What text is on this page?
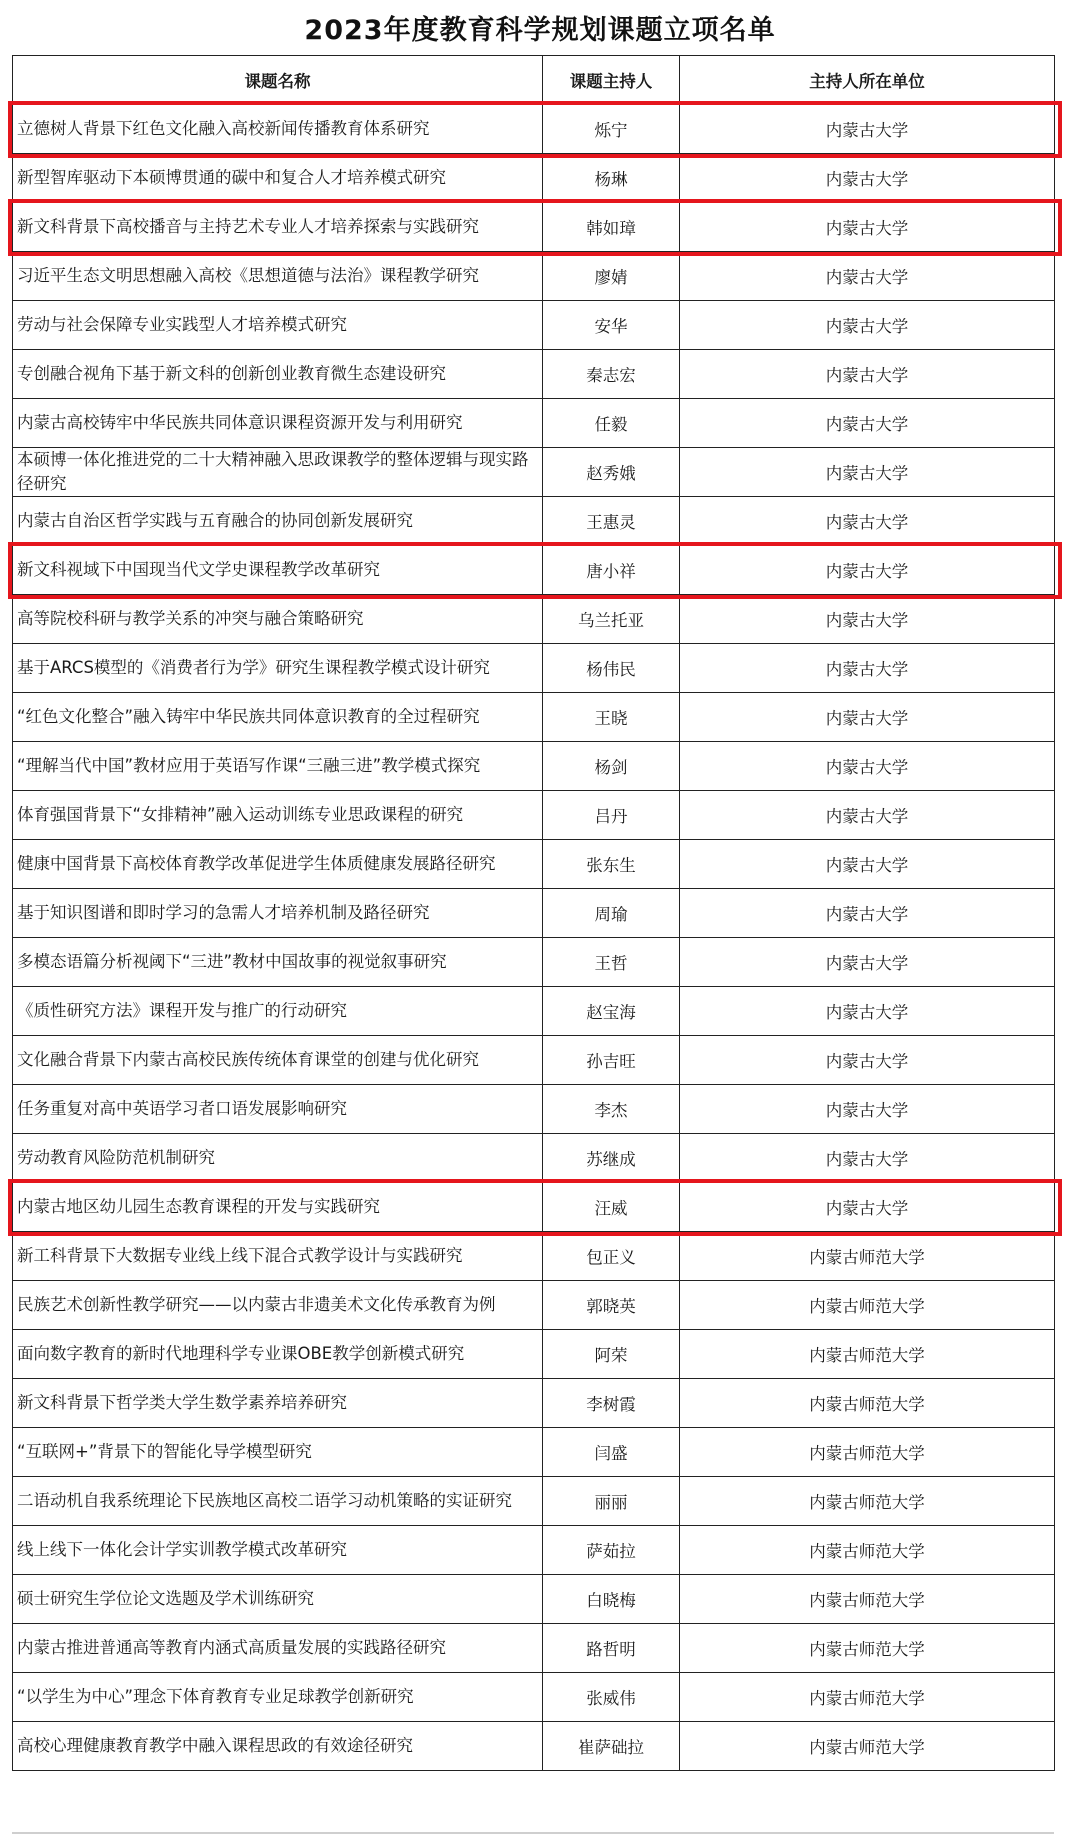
2023年度教育科学规划课题立项名单
课题名称	课题主持人	主持人所在单位
立德树人背景下红色文化融入高校新闻传播教育体系研究	烁宁	内蒙古大学
新型智库驱动下本硕博贯通的碳中和复合人才培养模式研究	杨琳	内蒙古大学
新文科背景下高校播音与主持艺术专业人才培养探索与实践研究	韩如璋	内蒙古大学
习近平生态文明思想融入高校《思想道德与法治》课程教学研究	廖婧	内蒙古大学
劳动与社会保障专业实践型人才培养模式研究	安华	内蒙古大学
专创融合视角下基于新文科的创新创业教育微生态建设研究	秦志宏	内蒙古大学
内蒙古高校铸牢中华民族共同体意识课程资源开发与利用研究	任毅	内蒙古大学
本硕博一体化推进党的二十大精神融入思政课教学的整体逻辑与现实路径研究	赵秀娥	内蒙古大学
内蒙古自治区哲学实践与五育融合的协同创新发展研究	王惠灵	内蒙古大学
新文科视域下中国现当代文学史课程教学改革研究	唐小祥	内蒙古大学
高等院校科研与教学关系的冲突与融合策略研究	乌兰托亚	内蒙古大学
基于ARCS模型的《消费者行为学》研究生课程教学模式设计研究	杨伟民	内蒙古大学
“红色文化整合”融入铸牢中华民族共同体意识教育的全过程研究	王晓	内蒙古大学
“理解当代中国”教材应用于英语写作课“三融三进”教学模式探究	杨剑	内蒙古大学
体育强国背景下“女排精神”融入运动训练专业思政课程的研究	吕丹	内蒙古大学
健康中国背景下高校体育教学改革促进学生体质健康发展路径研究	张东生	内蒙古大学
基于知识图谱和即时学习的急需人才培养机制及路径研究	周瑜	内蒙古大学
多模态语篇分析视阈下“三进”教材中国故事的视觉叙事研究	王哲	内蒙古大学
《质性研究方法》课程开发与推广的行动研究	赵宝海	内蒙古大学
文化融合背景下内蒙古高校民族传统体育课堂的创建与优化研究	孙吉旺	内蒙古大学
任务重复对高中英语学习者口语发展影响研究	李杰	内蒙古大学
劳动教育风险防范机制研究	苏继成	内蒙古大学
内蒙古地区幼儿园生态教育课程的开发与实践研究	汪威	内蒙古大学
新工科背景下大数据专业线上线下混合式教学设计与实践研究	包正义	内蒙古师范大学
民族艺术创新性教学研究——以内蒙古非遗美术文化传承教育为例	郭晓英	内蒙古师范大学
面向数字教育的新时代地理科学专业课OBE教学创新模式研究	阿荣	内蒙古师范大学
新文科背景下哲学类大学生数学素养培养研究	李树霞	内蒙古师范大学
“互联网+”背景下的智能化导学模型研究	闫盛	内蒙古师范大学
二语动机自我系统理论下民族地区高校二语学习动机策略的实证研究	丽丽	内蒙古师范大学
线上线下一体化会计学实训教学模式改革研究	萨茹拉	内蒙古师范大学
硕士研究生学位论文选题及学术训练研究	白晓梅	内蒙古师范大学
内蒙古推进普通高等教育内涵式高质量发展的实践路径研究	路哲明	内蒙古师范大学
“以学生为中心”理念下体育教育专业足球教学创新研究	张威伟	内蒙古师范大学
高校心理健康教育教学中融入课程思政的有效途径研究	崔萨础拉	内蒙古师范大学
